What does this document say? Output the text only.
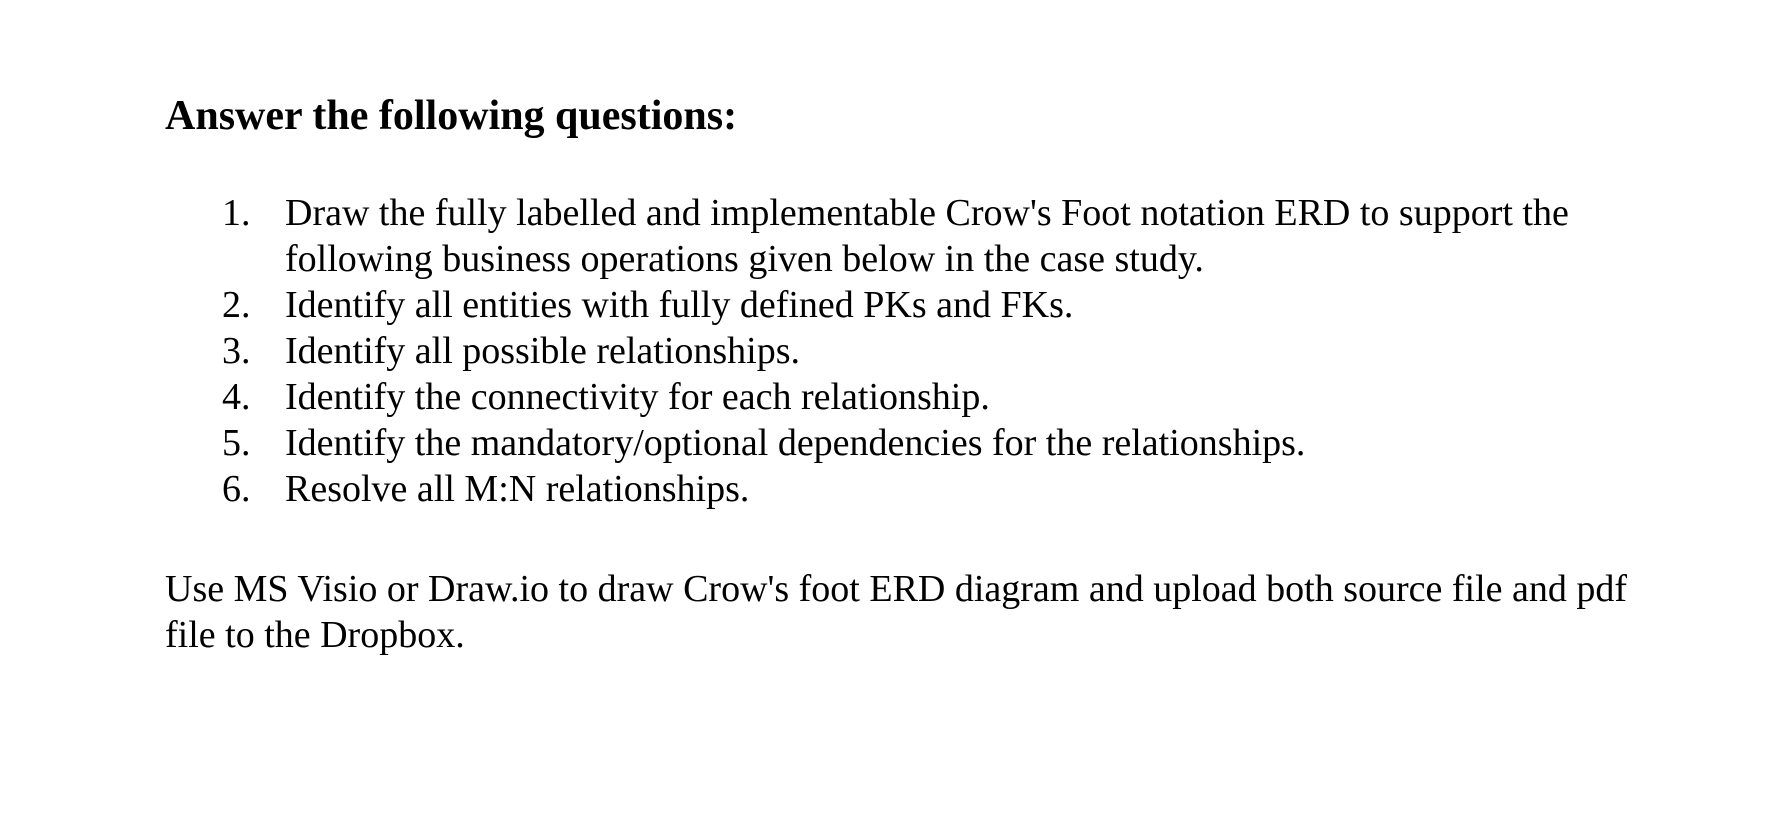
Answer the following questions:
1. Draw the fully labelled and implementable Crow's Foot notation ERD to support the following business operations given below in the case study.
2. Identify all entities with fully defined PKs and FKs.
3. Identify all possible relationships.
4. Identify the connectivity for each relationship.
5. Identify the mandatory/optional dependencies for the relationships.
6. Resolve all M:N relationships.

Use MS Visio or Draw.io to draw Crow's foot ERD diagram and upload both source file and pdf file to the Dropbox.
